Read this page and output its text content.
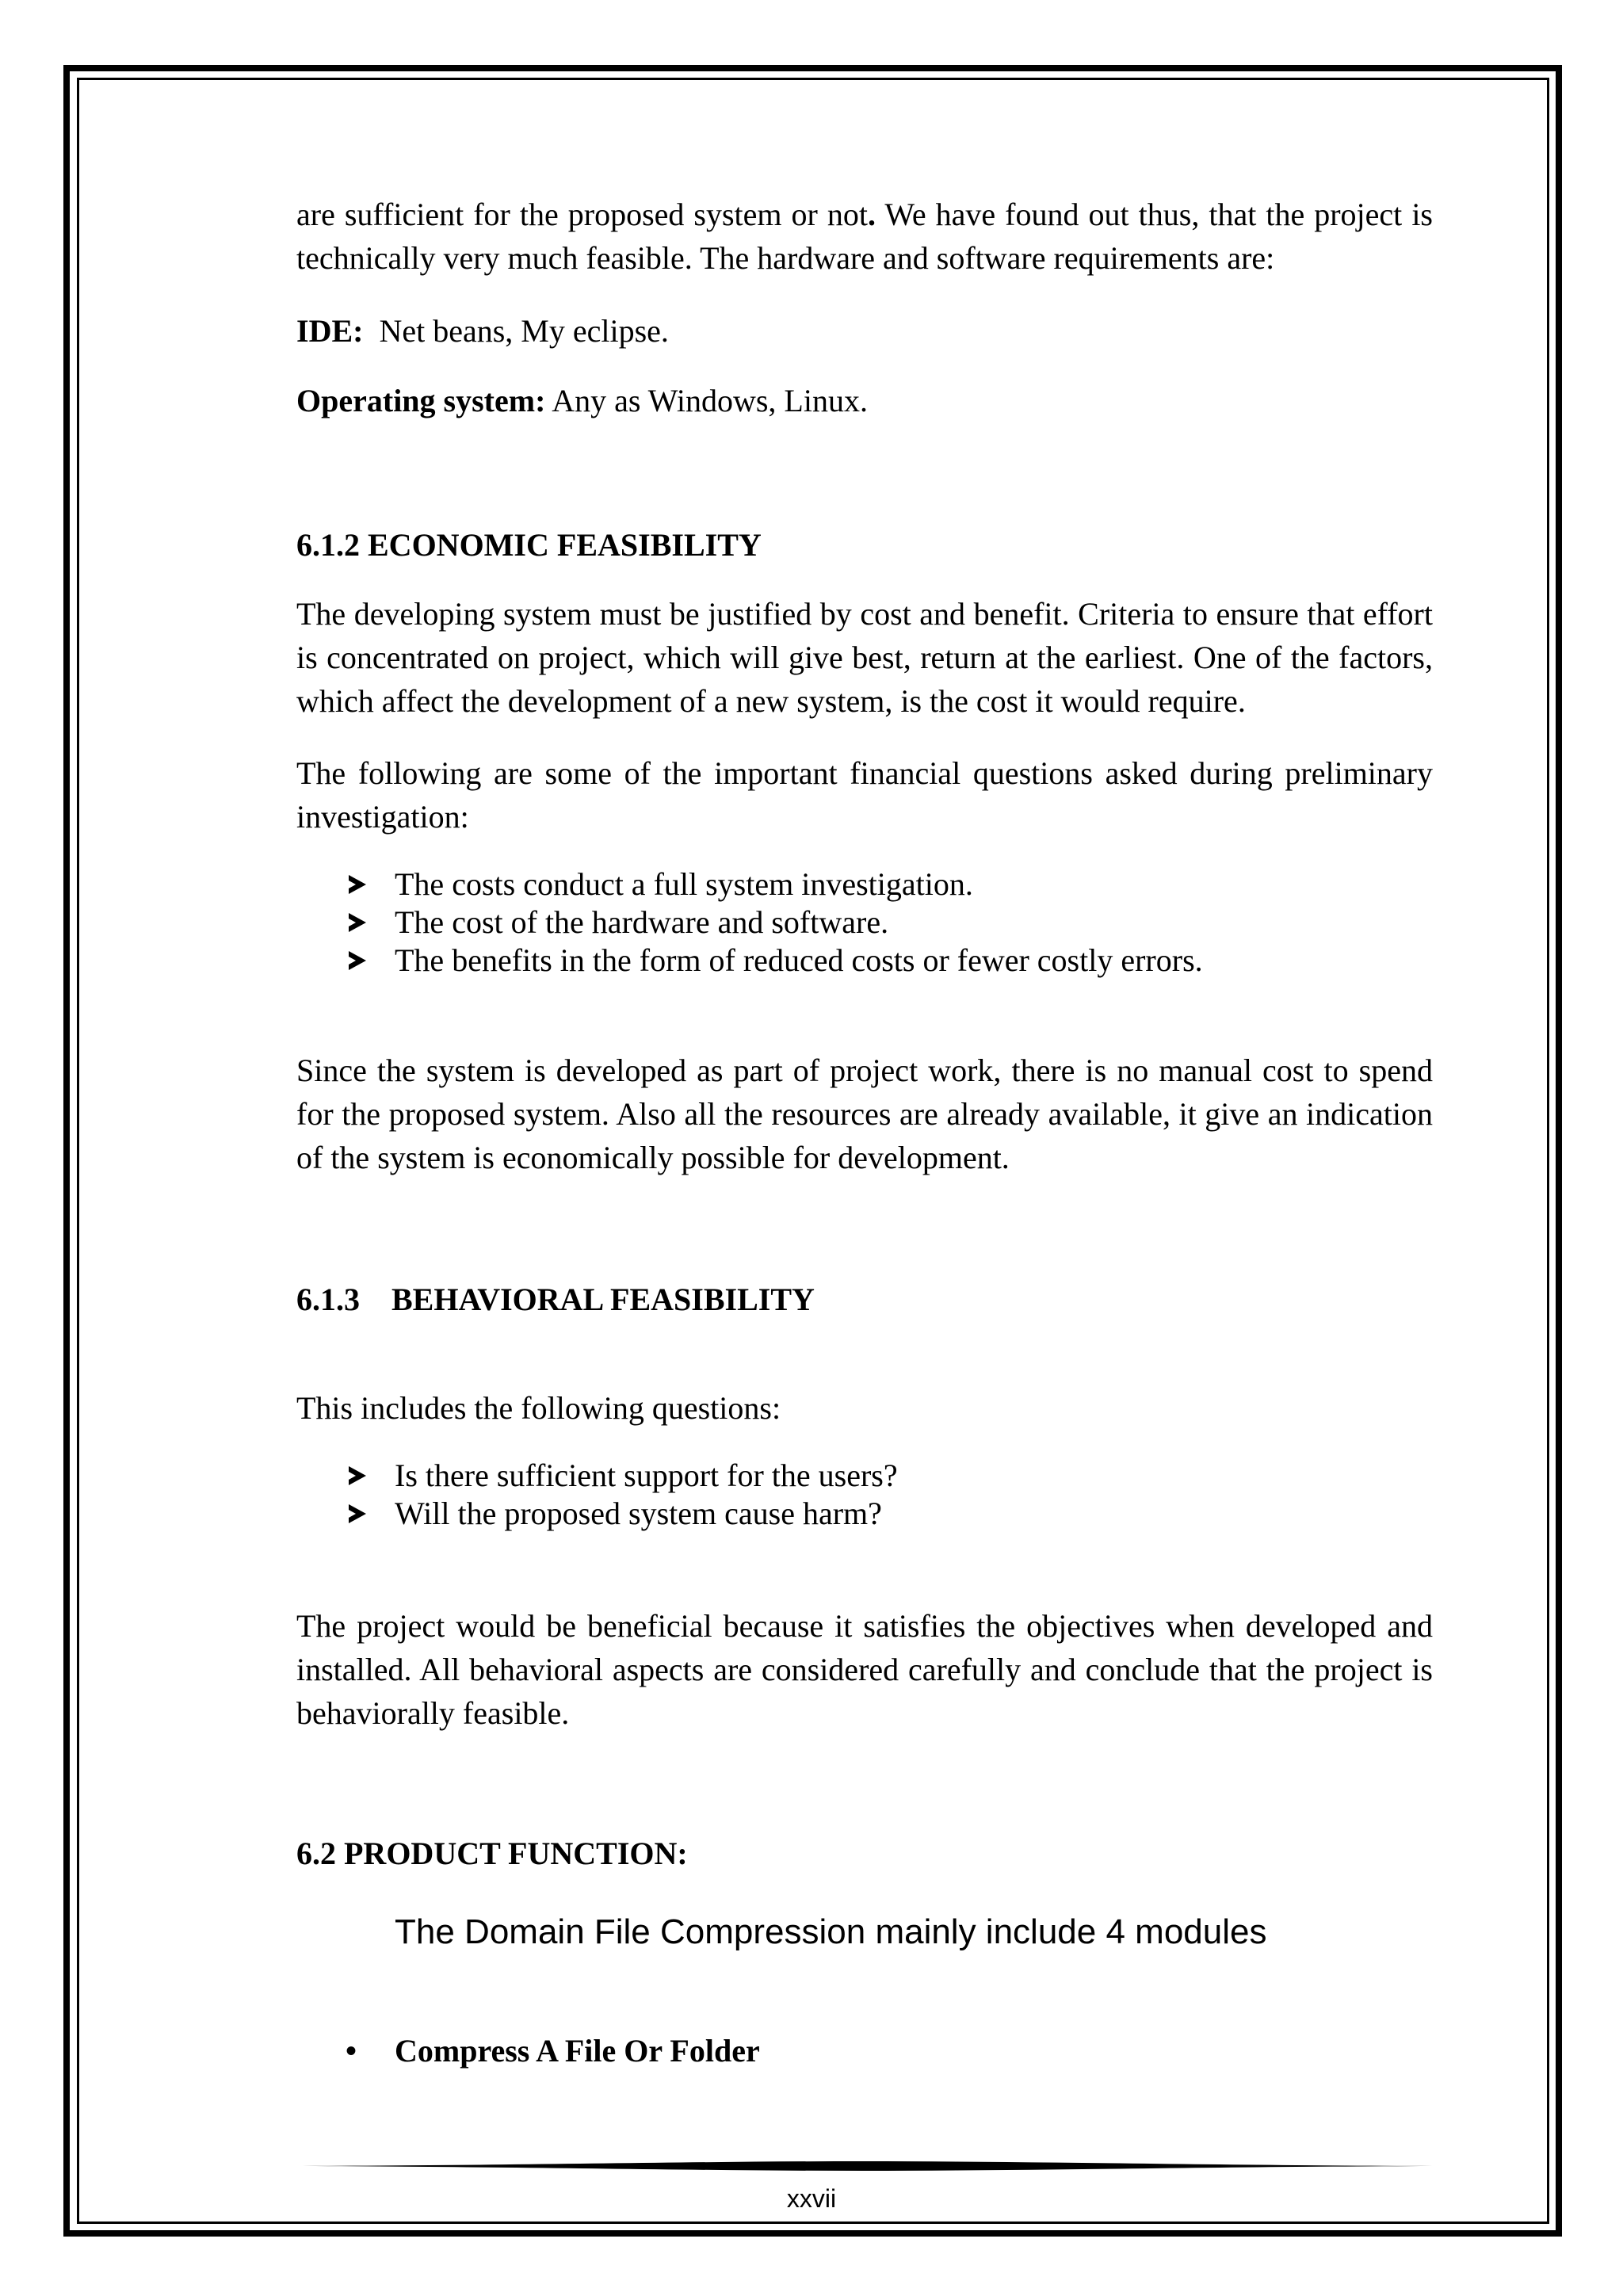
are sufficient for the proposed system or not. We have found out thus, that the project is technically very much feasible. The hardware and software requirements are:

IDE: Net beans, My eclipse.

Operating system: Any as Windows, Linux.

6.1.2 ECONOMIC FEASIBILITY

The developing system must be justified by cost and benefit. Criteria to ensure that effort is concentrated on project, which will give best, return at the earliest. One of the factors, which affect the development of a new system, is the cost it would require.

The following are some of the important financial questions asked during preliminary investigation:

The costs conduct a full system investigation.
The cost of the hardware and software.
The benefits in the form of reduced costs or fewer costly errors.

Since the system is developed as part of project work, there is no manual cost to spend for the proposed system. Also all the resources are already available, it give an indication of the system is economically possible for development.

6.1.3 BEHAVIORAL FEASIBILITY

This includes the following questions:

Is there sufficient support for the users?
Will the proposed system cause harm?

The project would be beneficial because it satisfies the objectives when developed and installed. All behavioral aspects are considered carefully and conclude that the project is behaviorally feasible.

6.2 PRODUCT FUNCTION:

The Domain File Compression mainly include 4 modules

• Compress A File Or Folder

xxvii
